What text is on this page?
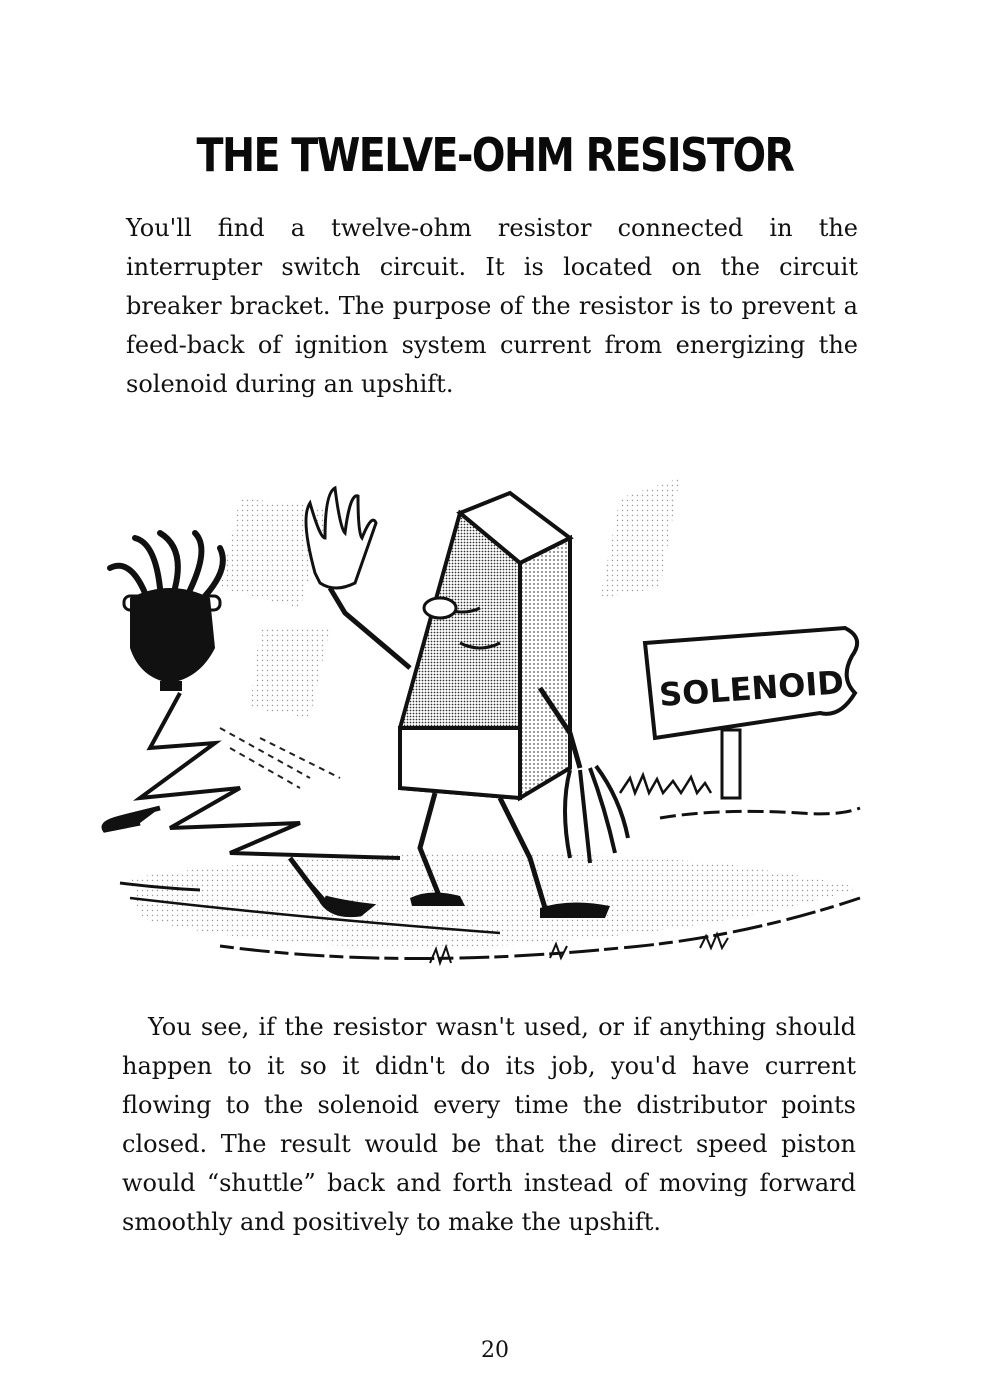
THE TWELVE-OHM RESISTOR

You'll find a twelve-ohm resistor connected in the interrupter switch circuit. It is located on the circuit breaker bracket. The purpose of the resistor is to prevent a feed-back of ignition system current from energizing the solenoid during an upshift.

SOLENOID

You see, if the resistor wasn't used, or if anything should happen to it so it didn't do its job, you'd have current flowing to the solenoid every time the distributor points closed. The result would be that the direct speed piston would “shuttle” back and forth instead of moving forward smoothly and positively to make the upshift.

20
